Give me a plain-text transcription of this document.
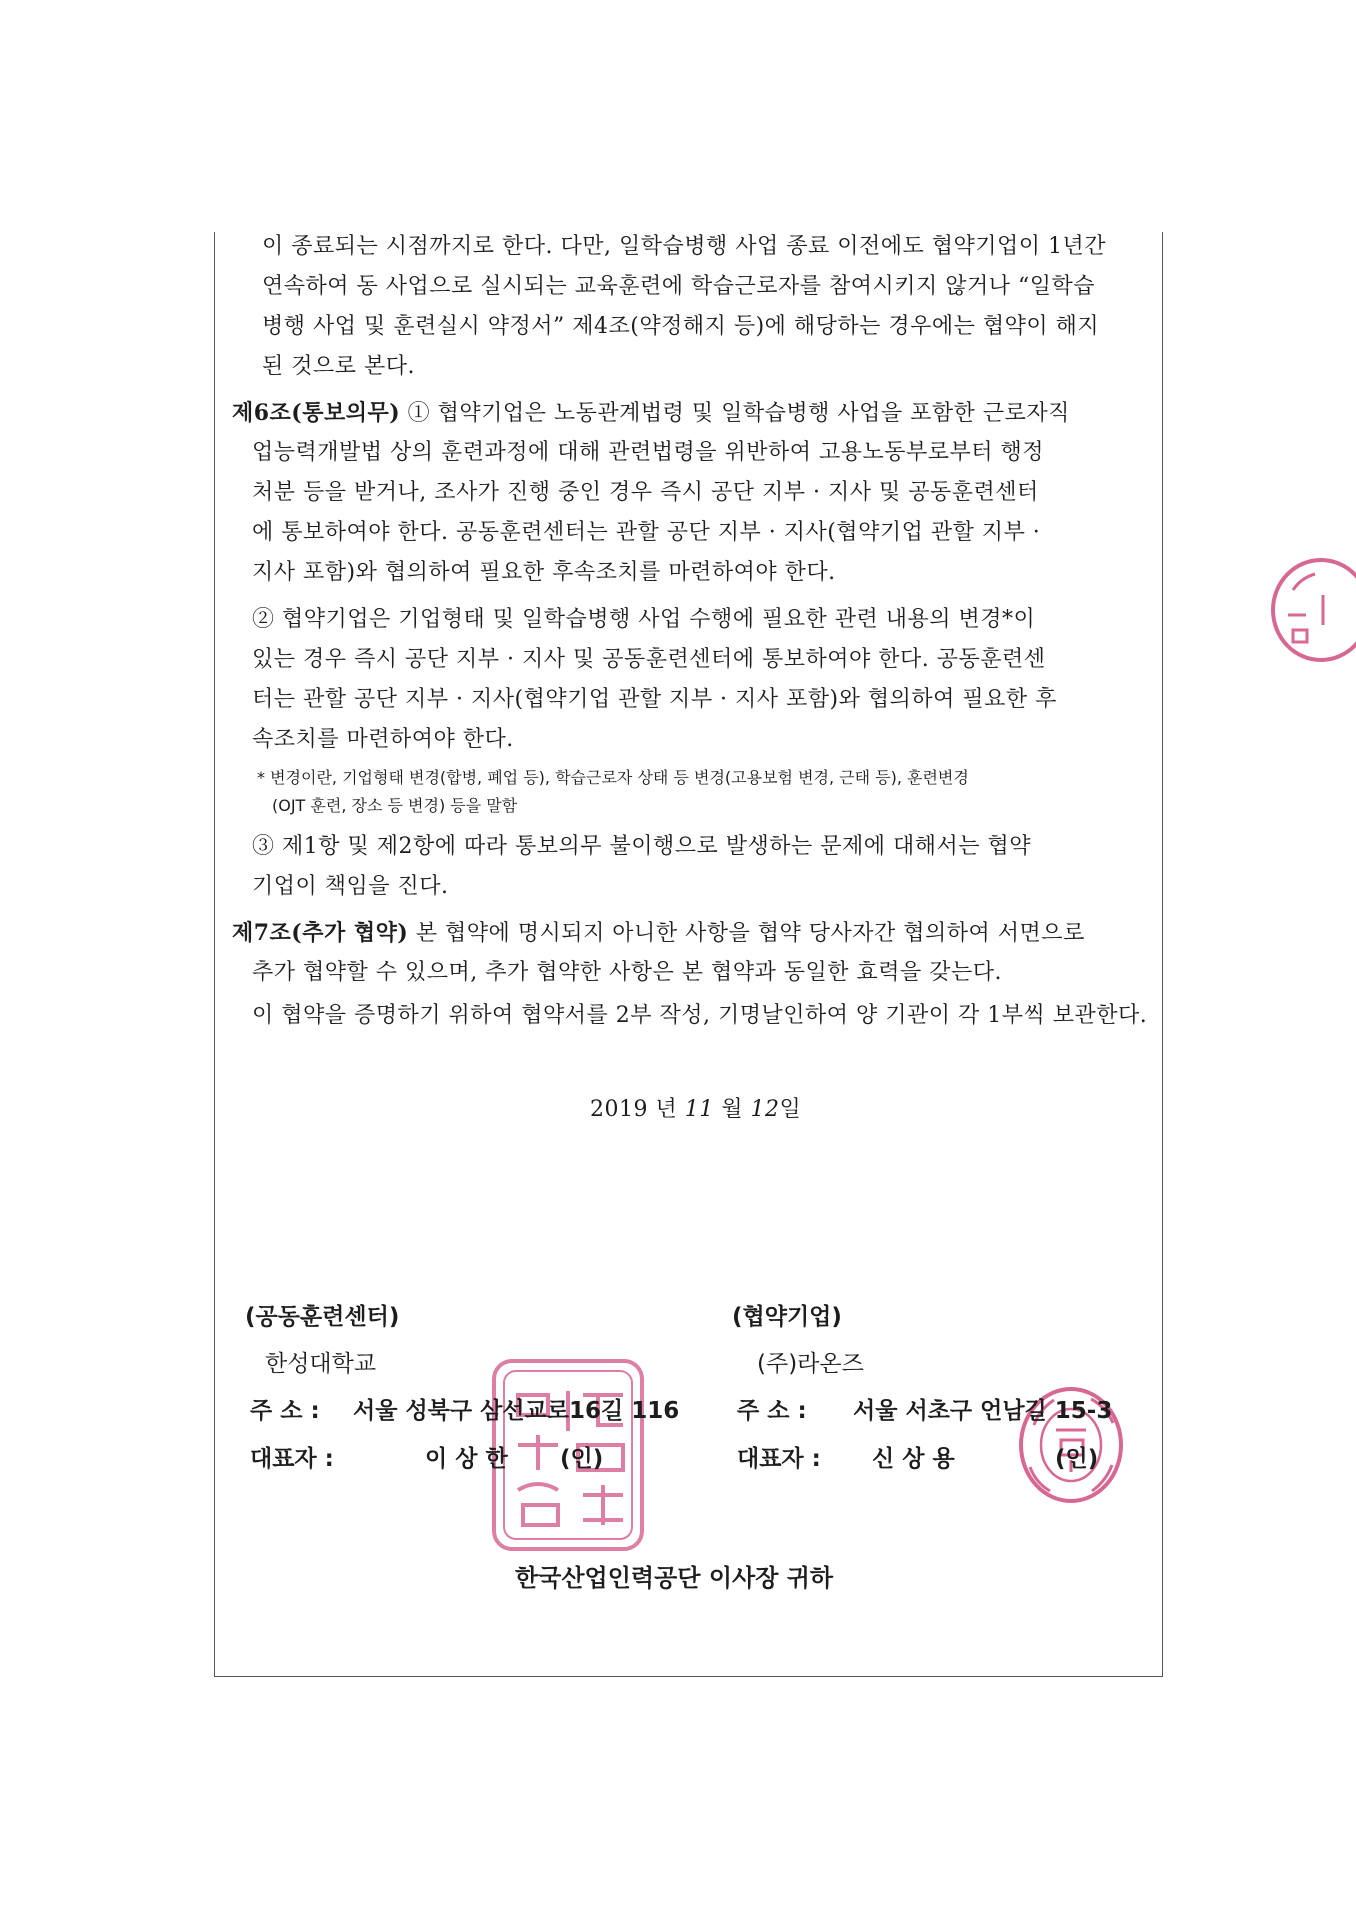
이 종료되는 시점까지로 한다. 다만, 일학습병행 사업 종료 이전에도 협약기업이 1년간
연속하여 동 사업으로 실시되는 교육훈련에 학습근로자를 참여시키지 않거나 “일학습
병행 사업 및 훈련실시 약정서” 제4조(약정해지 등)에 해당하는 경우에는 협약이 해지
된 것으로 본다.
제6조(통보의무) ① 협약기업은 노동관계법령 및 일학습병행 사업을 포함한 근로자직
업능력개발법 상의 훈련과정에 대해 관련법령을 위반하여 고용노동부로부터 행정
처분 등을 받거나, 조사가 진행 중인 경우 즉시 공단 지부 · 지사 및 공동훈련센터
에 통보하여야 한다. 공동훈련센터는 관할 공단 지부 · 지사(협약기업 관할 지부 ·
지사 포함)와 협의하여 필요한 후속조치를 마련하여야 한다.
② 협약기업은 기업형태 및 일학습병행 사업 수행에 필요한 관련 내용의 변경*이
있는 경우 즉시 공단 지부 · 지사 및 공동훈련센터에 통보하여야 한다. 공동훈련센
터는 관할 공단 지부 · 지사(협약기업 관할 지부 · 지사 포함)와 협의하여 필요한 후
속조치를 마련하여야 한다.
* 변경이란, 기업형태 변경(합병, 폐업 등), 학습근로자 상태 등 변경(고용보험 변경, 근태 등), 훈련변경
(OJT 훈련, 장소 등 변경) 등을 말함
③ 제1항 및 제2항에 따라 통보의무 불이행으로 발생하는 문제에 대해서는 협약
기업이 책임을 진다.
제7조(추가 협약) 본 협약에 명시되지 아니한 사항을 협약 당사자간 협의하여 서면으로
추가 협약할 수 있으며, 추가 협약한 사항은 본 협약과 동일한 효력을 갖는다.
이 협약을 증명하기 위하여 협약서를 2부 작성, 기명날인하여 양 기관이 각 1부씩 보관한다.
2019 년 11 월 12일
(공동훈련센터)
한성대학교
주 소 : 서울 성북구 삼선교로16길 116
대표자 :	이 상 한 (인)
(협약기업)
(주)라온즈
주 소 : 서울 서초구 언남길 15-3
대표자 : 신 상 용	(인)
한국산업인력공단 이사장 귀하
